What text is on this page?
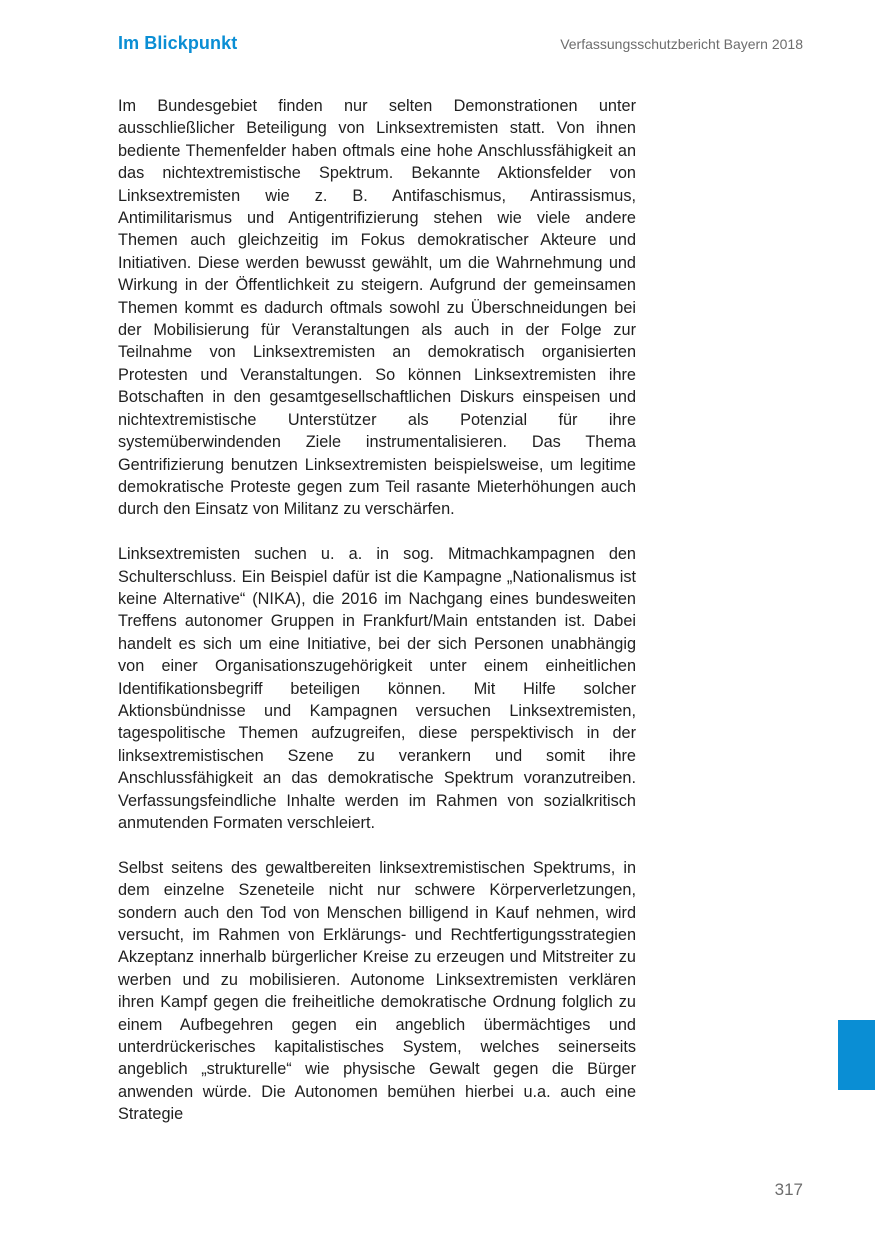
Im Blickpunkt	Verfassungsschutzbericht Bayern 2018

Im Bundesgebiet finden nur selten Demonstrationen unter ausschließlicher Beteiligung von Linksextremisten statt. Von ihnen bediente Themenfelder haben oftmals eine hohe Anschlussfähigkeit an das nichtextremistische Spektrum. Bekannte Aktionsfelder von Linksextremisten wie z. B. Antifaschismus, Antirassismus, Antimilitarismus und Antigentrifizierung stehen wie viele andere Themen auch gleichzeitig im Fokus demokratischer Akteure und Initiativen. Diese werden bewusst gewählt, um die Wahrnehmung und Wirkung in der Öffentlichkeit zu steigern. Aufgrund der gemeinsamen Themen kommt es dadurch oftmals sowohl zu Überschneidungen bei der Mobilisierung für Veranstaltungen als auch in der Folge zur Teilnahme von Linksextremisten an demokratisch organisierten Protesten und Veranstaltungen. So können Linksextremisten ihre Botschaften in den gesamtgesellschaftlichen Diskurs einspeisen und nichtextremistische Unterstützer als Potenzial für ihre systemüberwindenden Ziele instrumentalisieren. Das Thema Gentrifizierung benutzen Linksextremisten beispielsweise, um legitime demokratische Proteste gegen zum Teil rasante Mieterhöhungen auch durch den Einsatz von Militanz zu verschärfen.

Linksextremisten suchen u. a. in sog. Mitmachkampagnen den Schulterschluss. Ein Beispiel dafür ist die Kampagne „Nationalismus ist keine Alternative“ (NIKA), die 2016 im Nachgang eines bundesweiten Treffens autonomer Gruppen in Frankfurt/Main entstanden ist. Dabei handelt es sich um eine Initiative, bei der sich Personen unabhängig von einer Organisationszugehörigkeit unter einem einheitlichen Identifikationsbegriff beteiligen können. Mit Hilfe solcher Aktionsbündnisse und Kampagnen versuchen Linksextremisten, tagespolitische Themen aufzugreifen, diese perspektivisch in der linksextremistischen Szene zu verankern und somit ihre Anschlussfähigkeit an das demokratische Spektrum voranzutreiben. Verfassungsfeindliche Inhalte werden im Rahmen von sozialkritisch anmutenden Formaten verschleiert.

Selbst seitens des gewaltbereiten linksextremistischen Spektrums, in dem einzelne Szeneteile nicht nur schwere Körperverletzungen, sondern auch den Tod von Menschen billigend in Kauf nehmen, wird versucht, im Rahmen von Erklärungs- und Rechtfertigungsstrategien Akzeptanz innerhalb bürgerlicher Kreise zu erzeugen und Mitstreiter zu werben und zu mobilisieren. Autonome Linksextremisten verklären ihren Kampf gegen die freiheitliche demokratische Ordnung folglich zu einem Aufbegehren gegen ein angeblich übermächtiges und unterdrückerisches kapitalistisches System, welches seinerseits angeblich „strukturelle“ wie physische Gewalt gegen die Bürger anwenden würde. Die Autonomen bemühen hierbei u.a. auch eine Strategie

317
